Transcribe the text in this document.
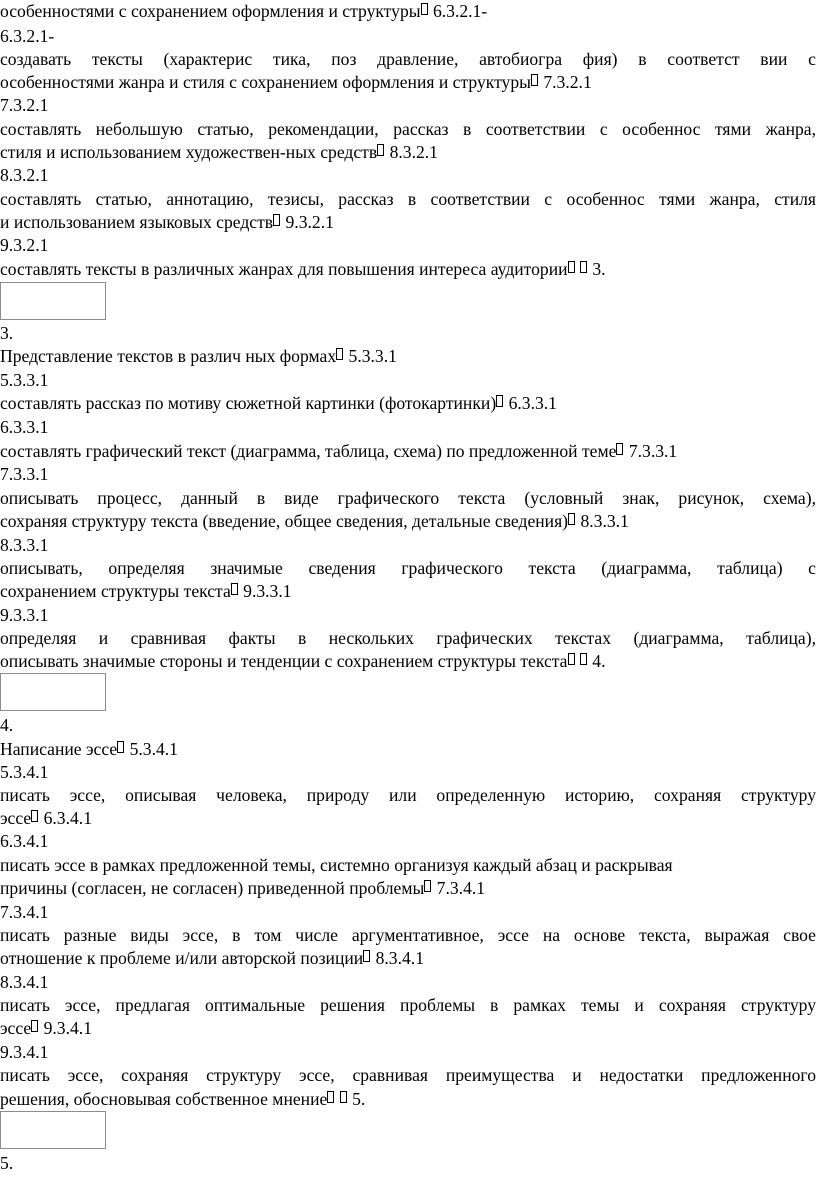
особенностями с сохранением оформления и структуры 6.3.2.1-
6.3.2.1-
создавать тексты (характерис тика, поз дравление, автобиогра фия) в соответст вии с
особенностями жанра и стиля с сохранением оформления и структуры 7.3.2.1
7.3.2.1
составлять небольшую статью, рекомендации, рассказ в соответствии с особеннос тями жанра,
стиля и использованием художествен-ных средств 8.3.2.1
8.3.2.1
составлять статью, аннотацию, тезисы, рассказ в соответствии с особеннос тями жанра, стиля
и использованием языковых средств 9.3.2.1
9.3.2.1
составлять тексты в различных жанрах для повышения интереса аудитории  3.
3.
Представление текстов в различ ных формах 5.3.3.1
5.3.3.1
составлять рассказ по мотиву сюжетной картинки (фотокартинки) 6.3.3.1
6.3.3.1
составлять графический текст (диаграмма, таблица, схема) по предложенной теме 7.3.3.1
7.3.3.1
описывать процесс, данный в виде графического текста (условный знак, рисунок, схема),
сохраняя структуру текста (введение, общее сведения, детальные сведения) 8.3.3.1
8.3.3.1
описывать, определяя значимые сведения графического текста (диаграмма, таблица) с
сохранением структуры текста 9.3.3.1
9.3.3.1
определяя и сравнивая факты в нескольких графических текстах (диаграмма, таблица),
описывать значимые стороны и тенденции с сохранением структуры текста  4.
4.
Написание эссе 5.3.4.1
5.3.4.1
писать эссе, описывая человека, природу или определенную историю, сохраняя структуру
эссе 6.3.4.1
6.3.4.1
писать эссе в рамках предложенной темы, системно организуя каждый абзац и раскрывая
причины (согласен, не согласен) приведенной проблемы 7.3.4.1
7.3.4.1
писать разные виды эссе, в том числе аргументативное, эссе на основе текста, выражая свое
отношение к проблеме и/или авторской позиции 8.3.4.1
8.3.4.1
писать эссе, предлагая оптимальные решения проблемы в рамках темы и сохраняя структуру
эссе 9.3.4.1
9.3.4.1
писать эссе, сохраняя структуру эссе, сравнивая преимущества и недостатки предложенного
решения, обосновывая собственное мнение  5.
5.
